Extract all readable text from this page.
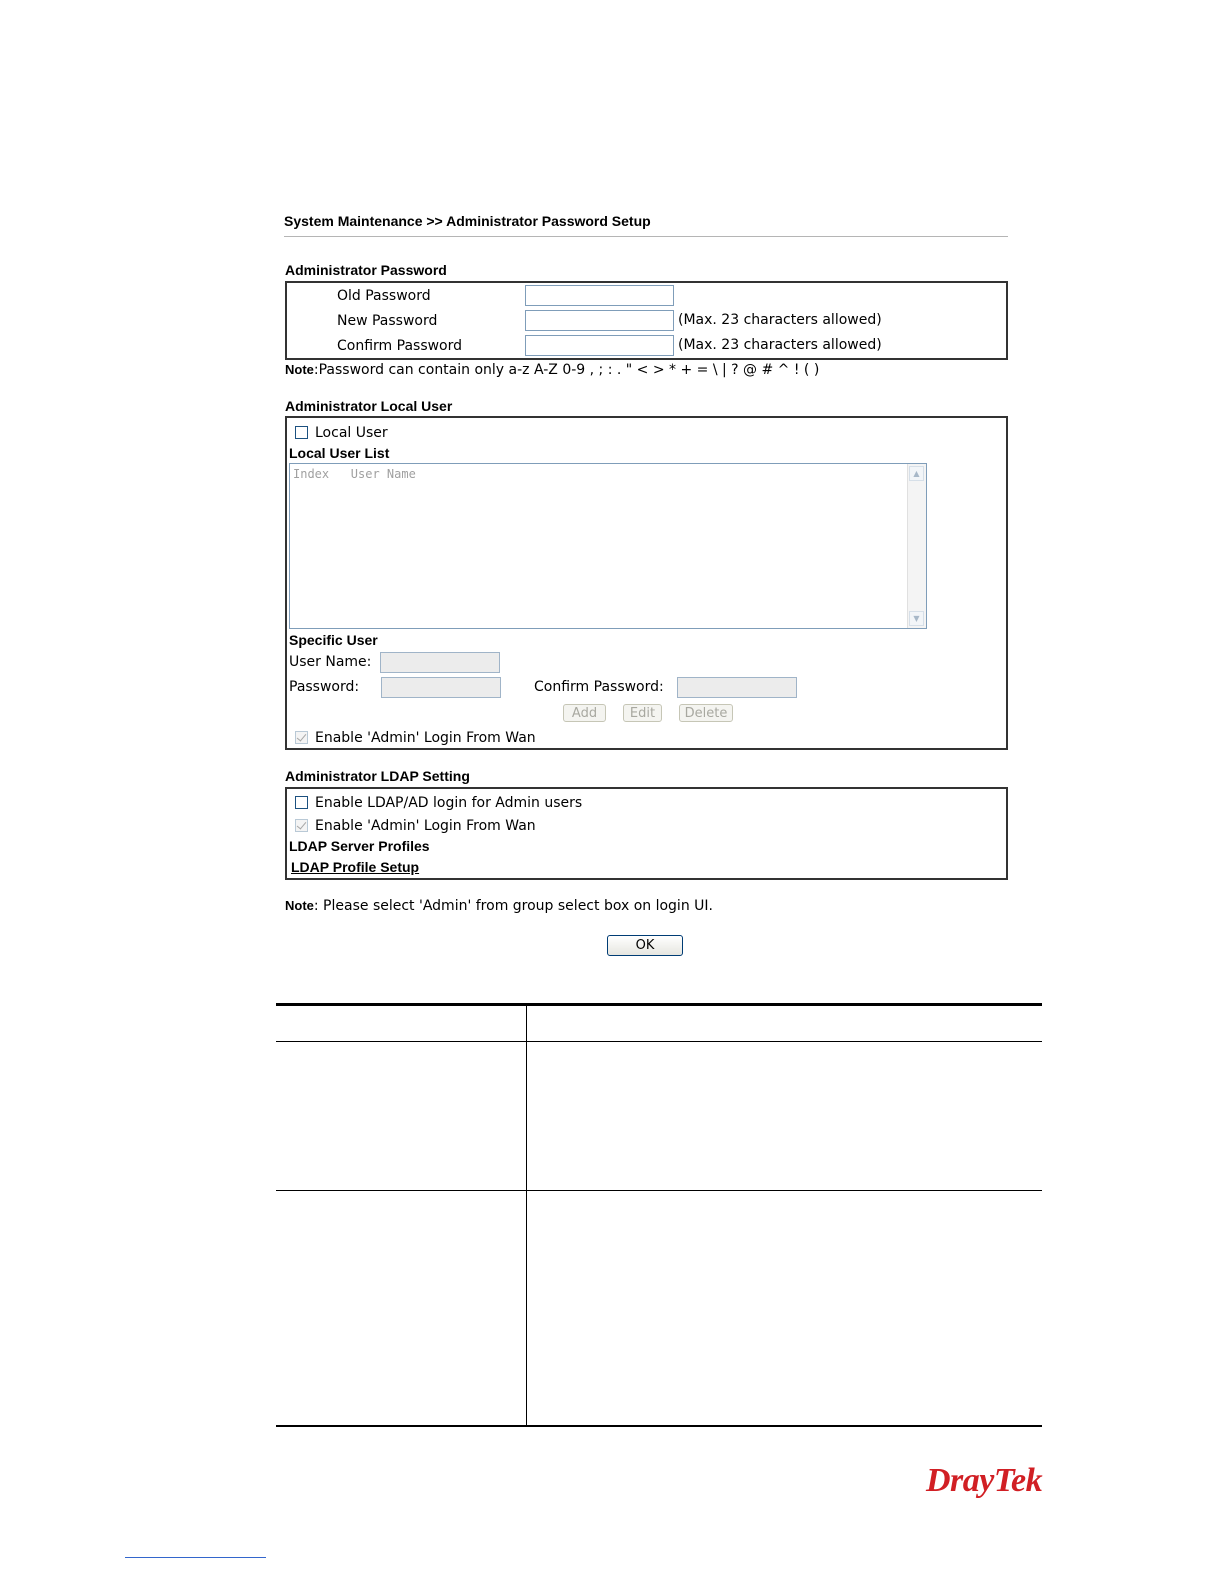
System Maintenance >> Administrator Password Setup
Administrator Password
Old Password
New Password	(Max. 23 characters allowed)
Confirm Password	(Max. 23 characters allowed)
Note:Password can contain only a-z A-Z 0-9 , ; : . " < > * + = \ | ? @ # ^ ! ( )
Administrator Local User
Local User
Local User List
Index   User Name	▲
▼
Specific User
User Name:
Password:	Confirm Password:
Add	Edit	Delete
Enable 'Admin' Login From Wan
Administrator LDAP Setting
Enable LDAP/AD login for Admin users
Enable 'Admin' Login From Wan
LDAP Server Profiles
LDAP Profile Setup
Note: Please select 'Admin' from group select box on login UI.
OK
DrayTek
